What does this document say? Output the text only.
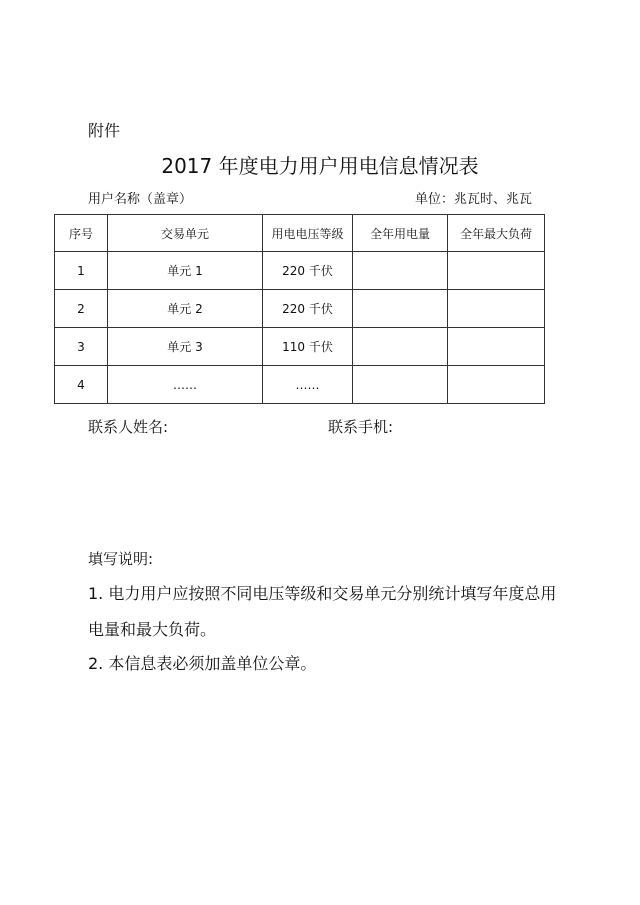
附件
2017 年度电力用户用电信息情况表
用户名称（盖章）	单位：兆瓦时、兆瓦
序号	交易单元	用电电压等级	全年用电量	全年最大负荷
1	单元 1	220 千伏		
2	单元 2	220 千伏		
3	单元 3	110 千伏		
4	……	……		
联系人姓名:	联系手机:
填写说明:
1. 电力用户应按照不同电压等级和交易单元分别统计填写年度总用电量和最大负荷。
2. 本信息表必须加盖单位公章。
